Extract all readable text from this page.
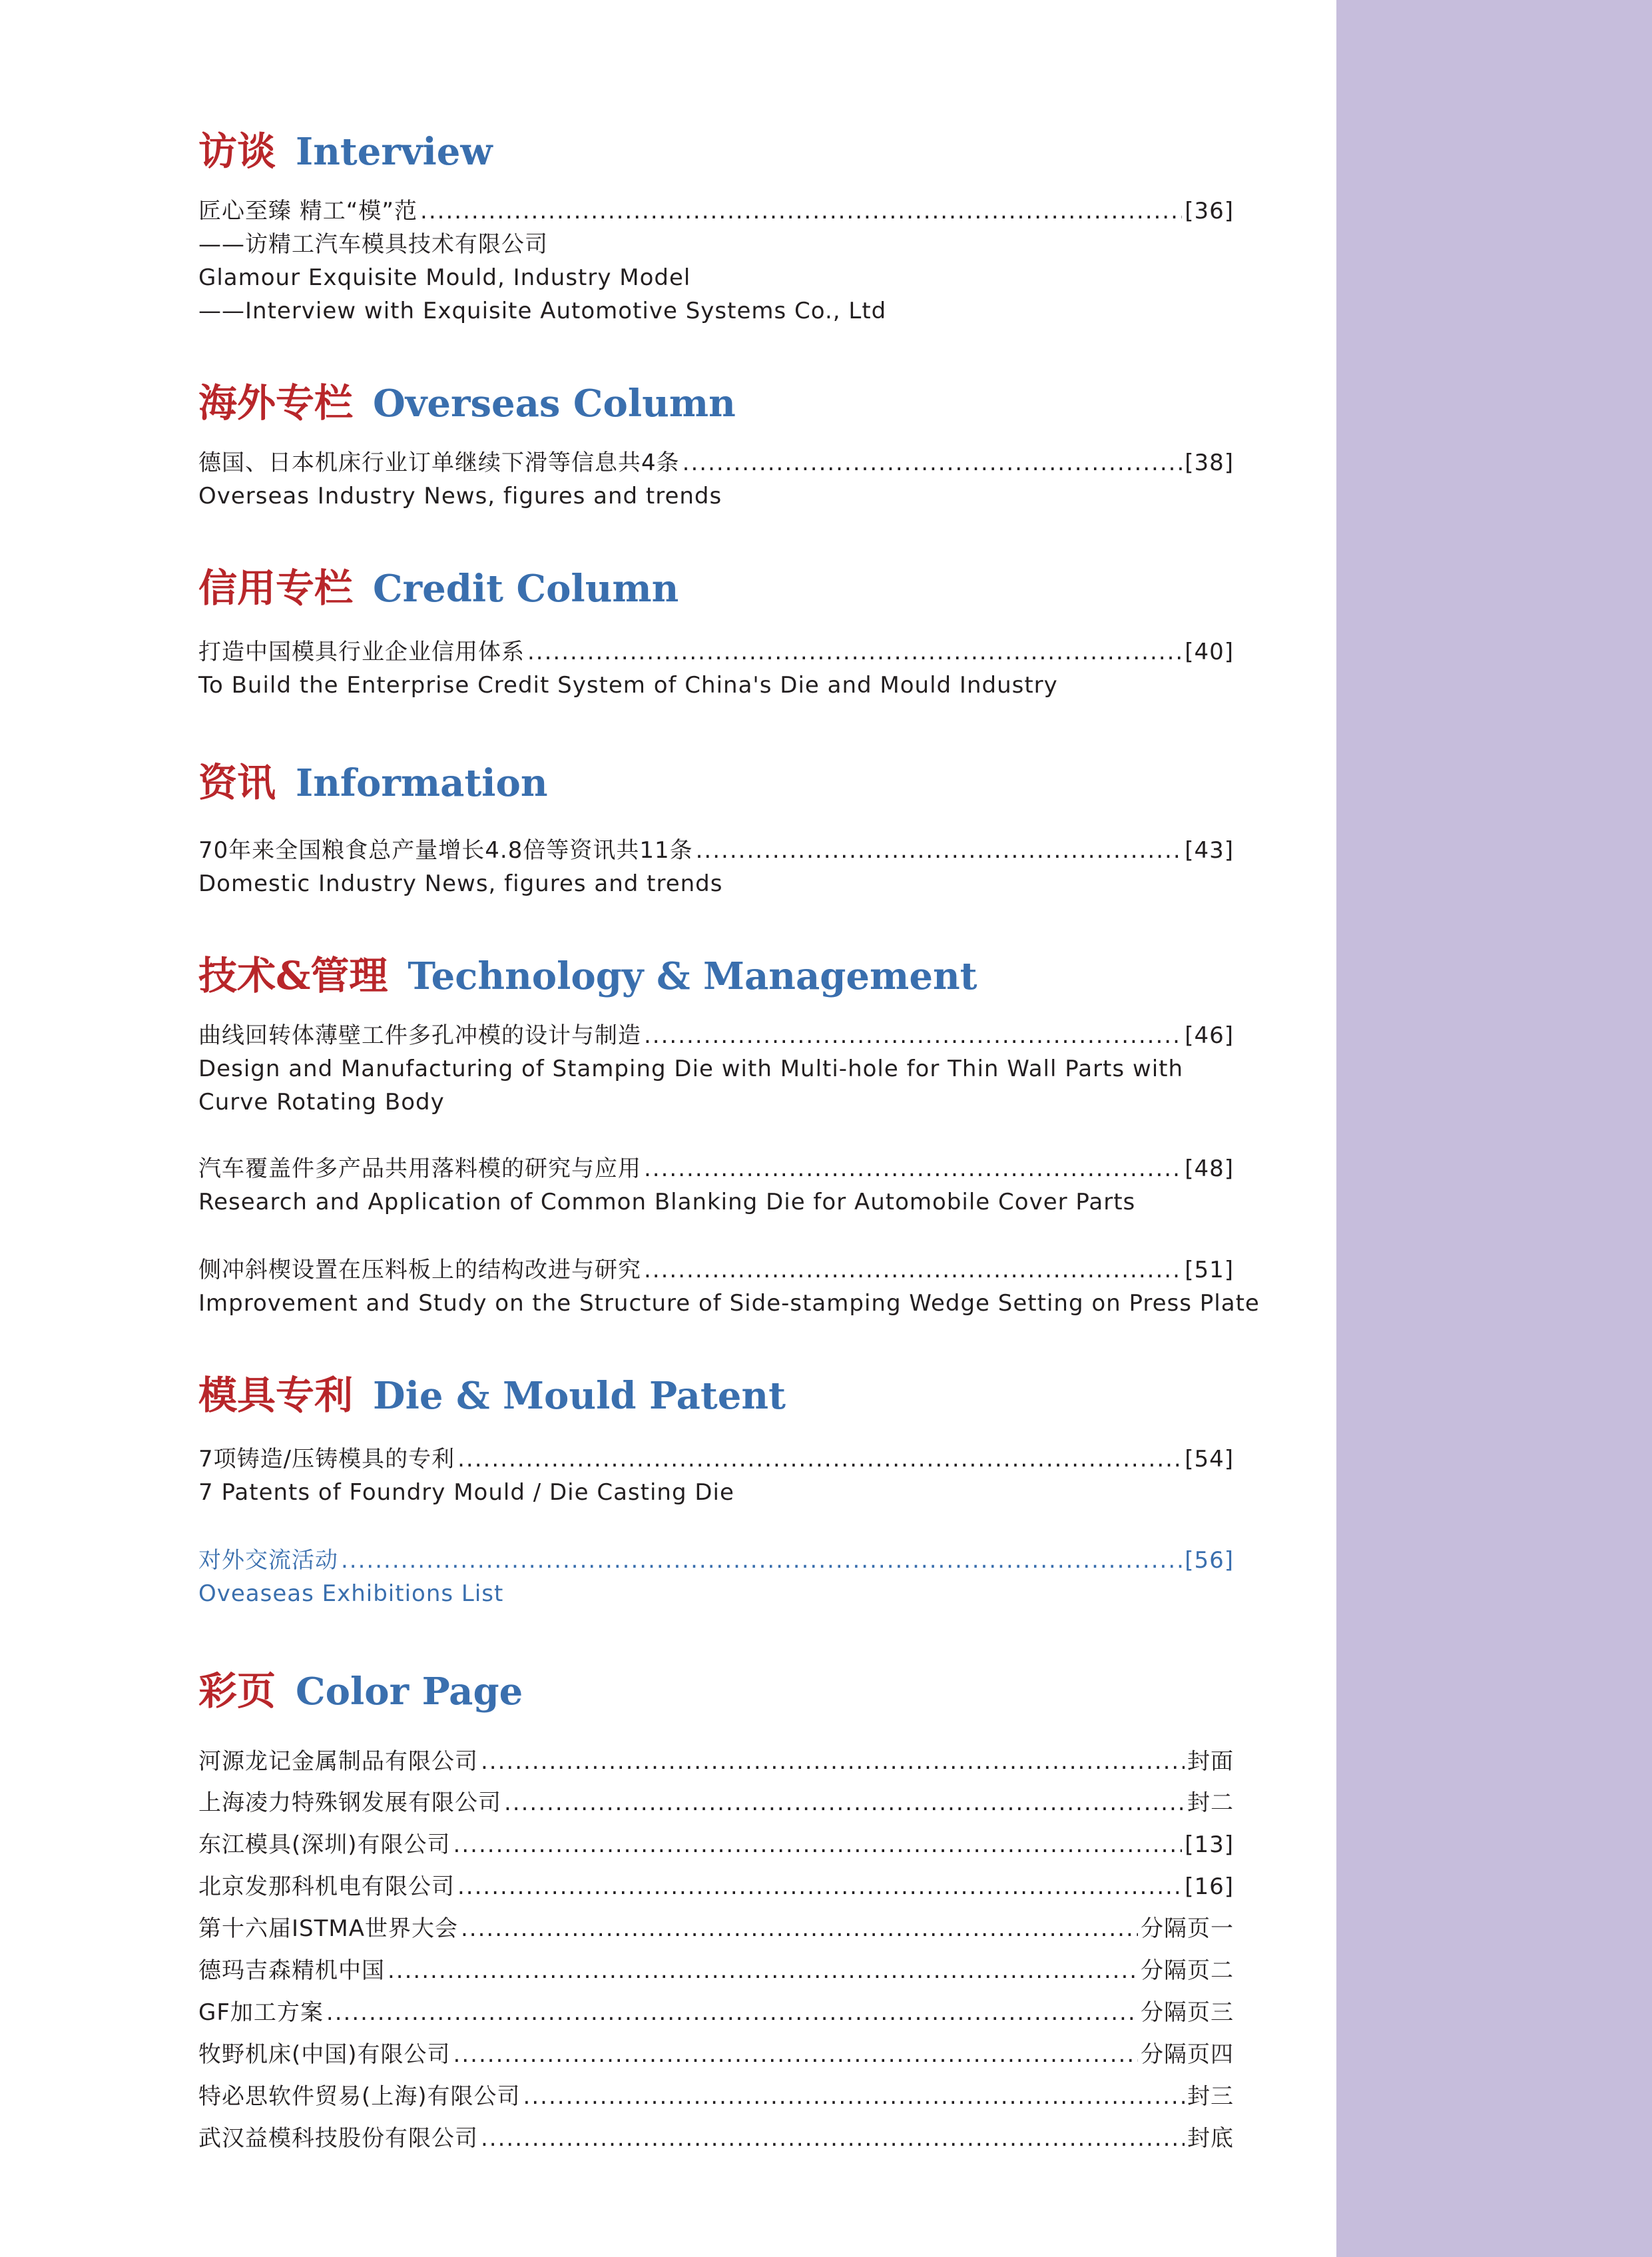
访谈 Interview
匠心至臻 精工“模”范 .....	[36]
——访精工汽车模具技术有限公司
Glamour Exquisite Mould, Industry Model
——Interview with Exquisite Automotive Systems Co., Ltd
海外专栏 Overseas Column
德国、日本机床行业订单继续下滑等信息共4条 .....	[38]
Overseas Industry News, figures and trends
信用专栏 Credit Column
打造中国模具行业企业信用体系 .....	[40]
To Build the Enterprise Credit System of China's Die and Mould Industry
资讯 Information
70年来全国粮食总产量增长4.8倍等资讯共11条 .....	[43]
Domestic Industry News, figures and trends
技术&管理 Technology & Management
曲线回转体薄壁工件多孔冲模的设计与制造 .....	[46]
Design and Manufacturing of Stamping Die with Multi-hole for Thin Wall Parts with
Curve Rotating Body
汽车覆盖件多产品共用落料模的研究与应用 .....	[48]
Research and Application of Common Blanking Die for Automobile Cover Parts
侧冲斜楔设置在压料板上的结构改进与研究 .....	[51]
Improvement and Study on the Structure of Side-stamping Wedge Setting on Press Plate
模具专利 Die & Mould Patent
7项铸造/压铸模具的专利 .....	[54]
7 Patents of Foundry Mould / Die Casting Die
对外交流活动 .....	[56]
Oveaseas Exhibitions List
彩页 Color Page
河源龙记金属制品有限公司 .....	封面
上海凌力特殊钢发展有限公司 .....	封二
东江模具(深圳)有限公司 .....	[13]
北京发那科机电有限公司 .....	[16]
第十六届ISTMA世界大会 .....	分隔页一
德玛吉森精机中国 .....	分隔页二
GF加工方案 .....	分隔页三
牧野机床(中国)有限公司 .....	分隔页四
特必思软件贸易(上海)有限公司 .....	封三
武汉益模科技股份有限公司 .....	封底
